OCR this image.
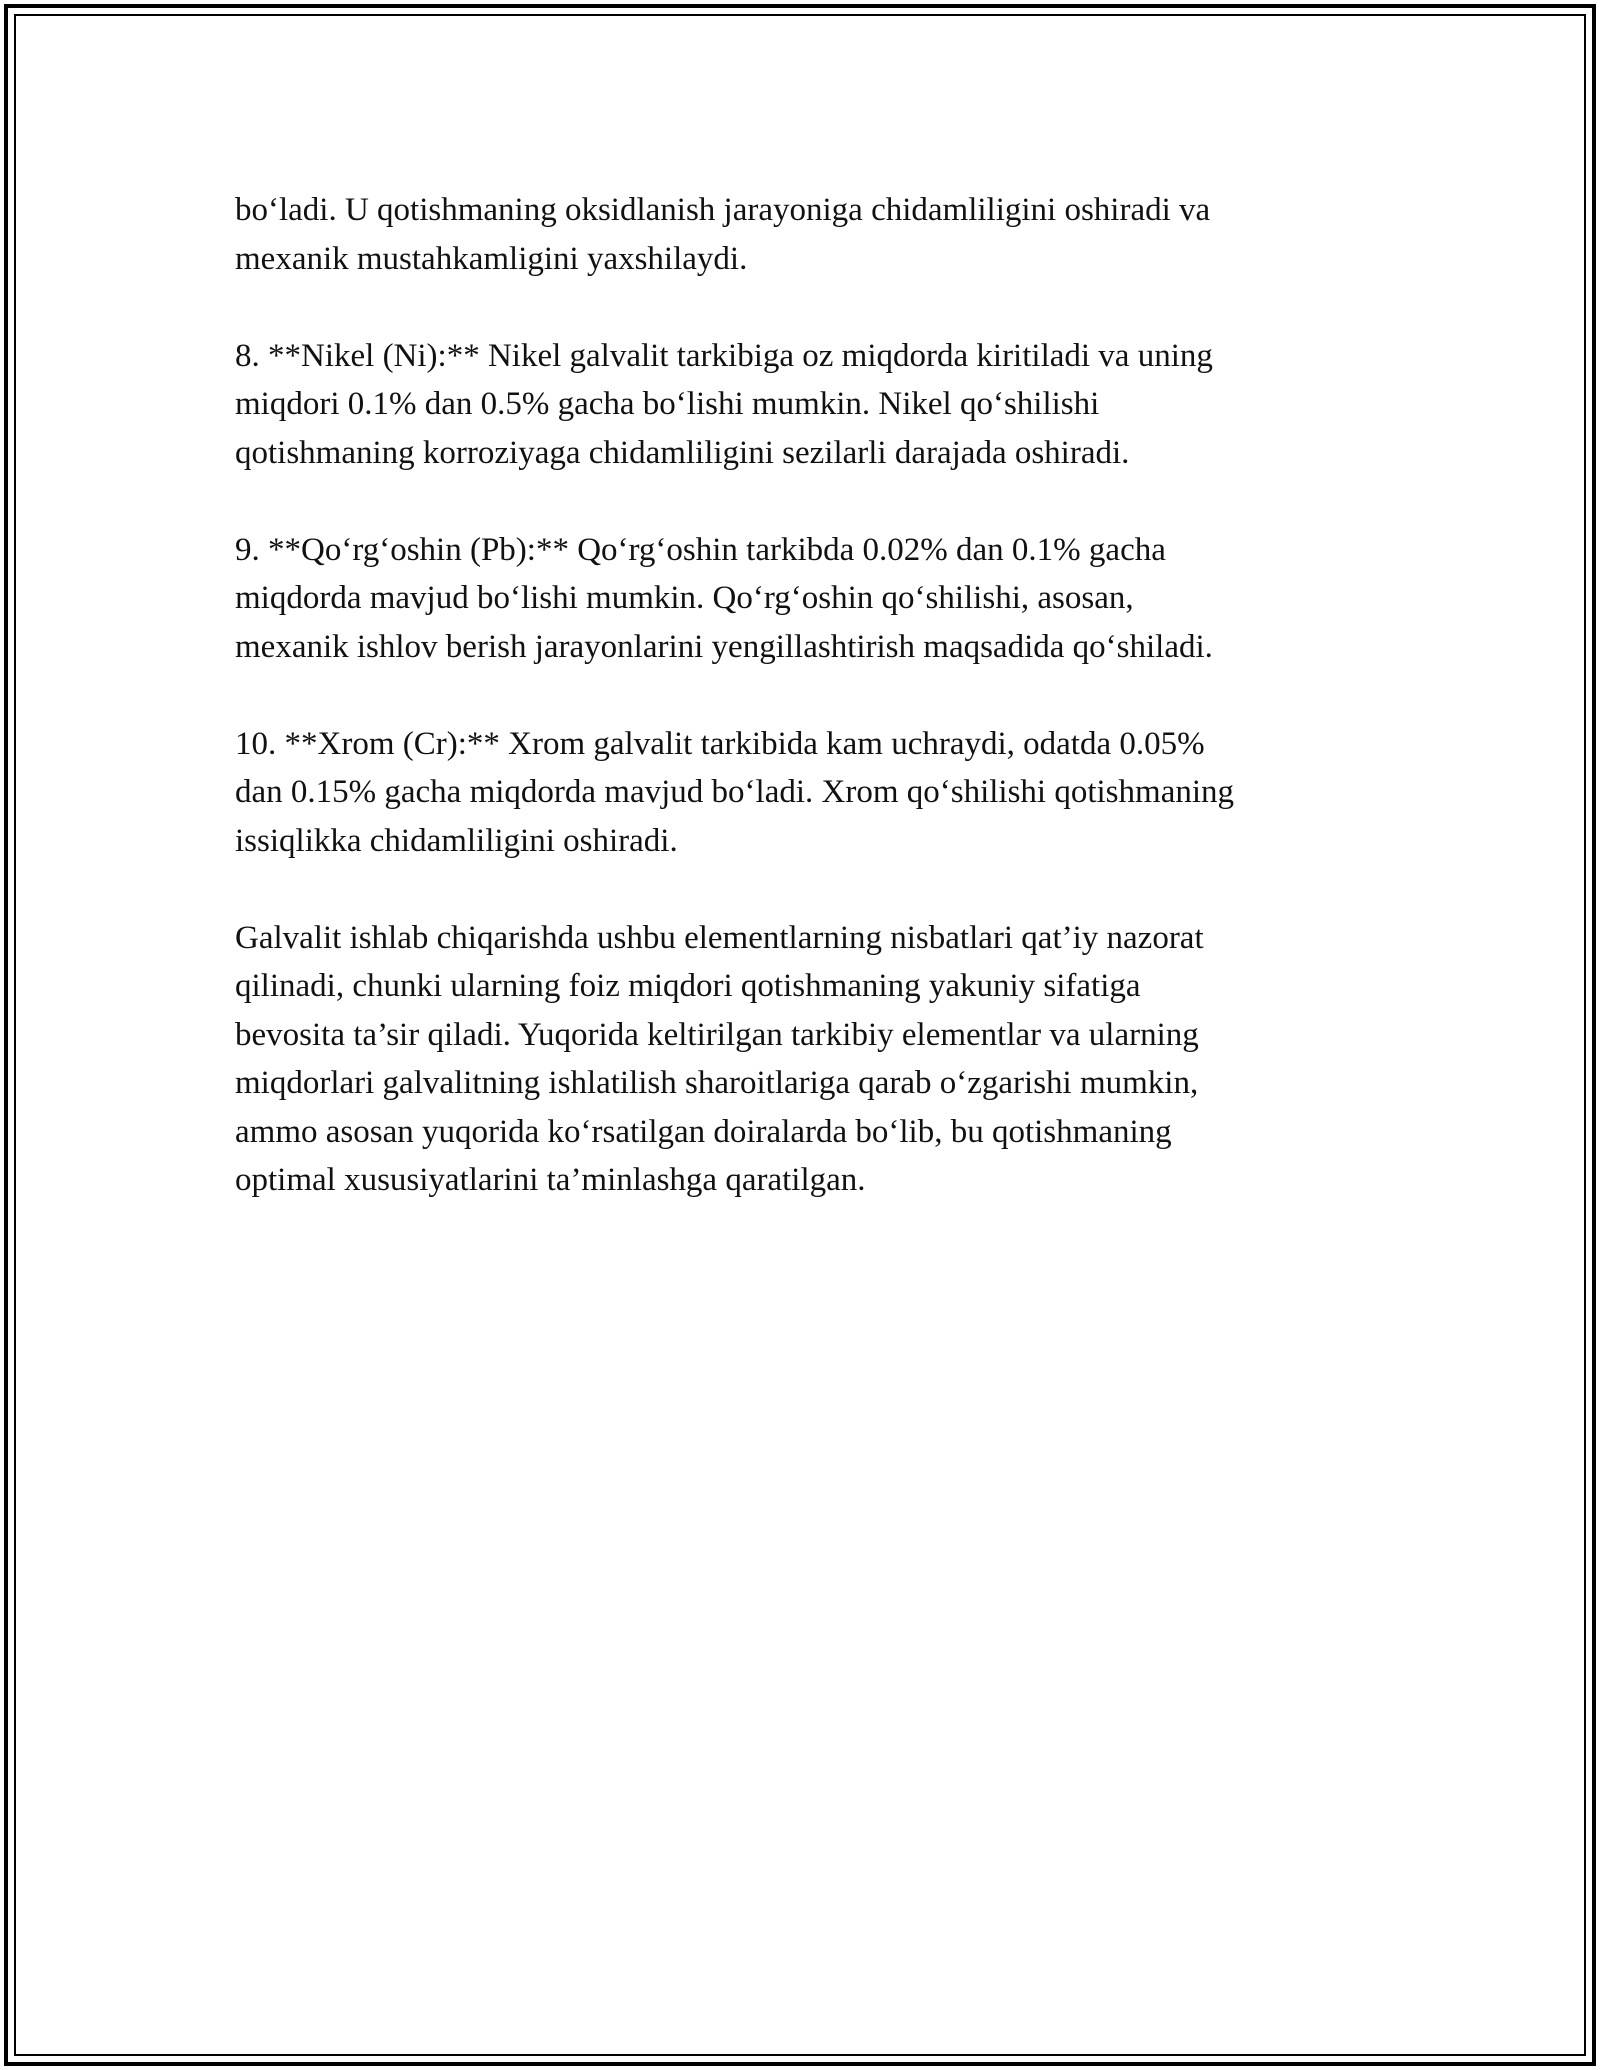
bo‘ladi. U qotishmaning oksidlanish jarayoniga chidamliligini oshiradi va
mexanik mustahkamligini yaxshilaydi.

8. **Nikel (Ni):** Nikel galvalit tarkibiga oz miqdorda kiritiladi va uning
miqdori 0.1% dan 0.5% gacha bo‘lishi mumkin. Nikel qo‘shilishi
qotishmaning korroziyaga chidamliligini sezilarli darajada oshiradi.

9. **Qo‘rg‘oshin (Pb):** Qo‘rg‘oshin tarkibda 0.02% dan 0.1% gacha
miqdorda mavjud bo‘lishi mumkin. Qo‘rg‘oshin qo‘shilishi, asosan,
mexanik ishlov berish jarayonlarini yengillashtirish maqsadida qo‘shiladi.

10. **Xrom (Cr):** Xrom galvalit tarkibida kam uchraydi, odatda 0.05%
dan 0.15% gacha miqdorda mavjud bo‘ladi. Xrom qo‘shilishi qotishmaning
issiqlikka chidamliligini oshiradi.

Galvalit ishlab chiqarishda ushbu elementlarning nisbatlari qat’iy nazorat
qilinadi, chunki ularning foiz miqdori qotishmaning yakuniy sifatiga
bevosita ta’sir qiladi. Yuqorida keltirilgan tarkibiy elementlar va ularning
miqdorlari galvalitning ishlatilish sharoitlariga qarab o‘zgarishi mumkin,
ammo asosan yuqorida ko‘rsatilgan doiralarda bo‘lib, bu qotishmaning
optimal xususiyatlarini ta’minlashga qaratilgan.
